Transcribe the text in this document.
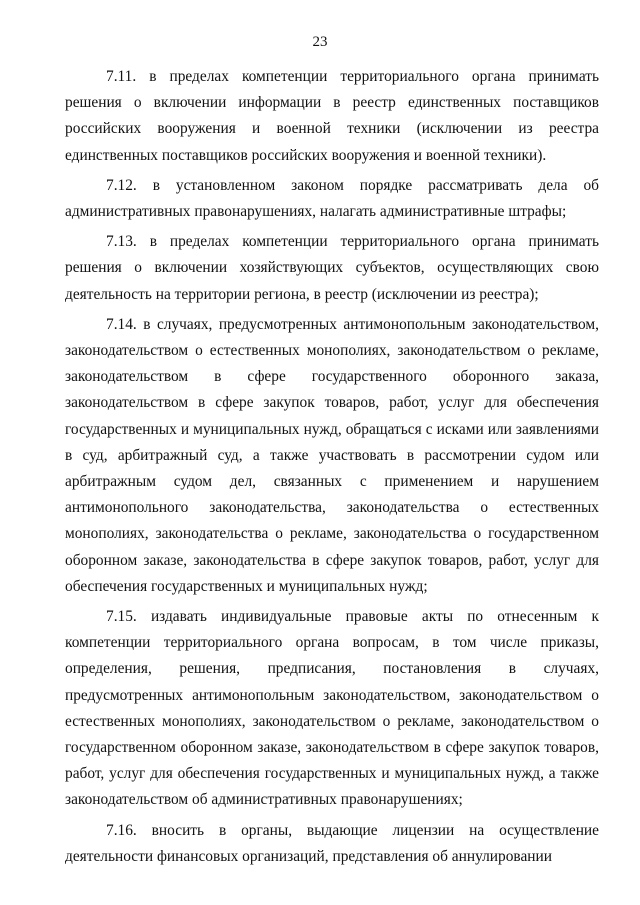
23

7.11. в пределах компетенции территориального органа принимать решения о включении информации в реестр единственных поставщиков российских вооружения и военной техники (исключении из реестра единственных поставщиков российских вооружения и военной техники).

7.12. в установленном законом порядке рассматривать дела об административных правонарушениях, налагать административные штрафы;

7.13. в пределах компетенции территориального органа принимать решения о включении хозяйствующих субъектов, осуществляющих свою деятельность на территории региона, в реестр (исключении из реестра);

7.14. в случаях, предусмотренных антимонопольным законодательством, законодательством о естественных монополиях, законодательством о рекламе, законодательством в сфере государственного оборонного заказа, законодательством в сфере закупок товаров, работ, услуг для обеспечения государственных и муниципальных нужд, обращаться с исками или заявлениями в суд, арбитражный суд, а также участвовать в рассмотрении судом или арбитражным судом дел, связанных с применением и нарушением антимонопольного законодательства, законодательства о естественных монополиях, законодательства о рекламе, законодательства о государственном оборонном заказе, законодательства в сфере закупок товаров, работ, услуг для обеспечения государственных и муниципальных нужд;

7.15. издавать индивидуальные правовые акты по отнесенным к компетенции территориального органа вопросам, в том числе приказы, определения, решения, предписания, постановления в случаях, предусмотренных антимонопольным законодательством, законодательством о естественных монополиях, законодательством о рекламе, законодательством о государственном оборонном заказе, законодательством в сфере закупок товаров, работ, услуг для обеспечения государственных и муниципальных нужд, а также законодательством об административных правонарушениях;

7.16. вносить в органы, выдающие лицензии на осуществление деятельности финансовых организаций, представления об аннулировании
